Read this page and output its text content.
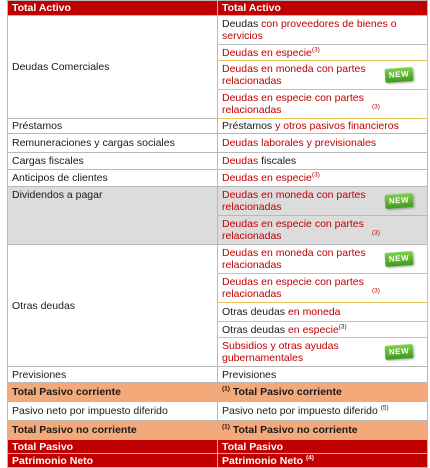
Total Activo	Total Activo
Deudas Comerciales	Deudas con proveedores de bienes o servicios
	Deudas en especie$^{(3)}$
	Deudas en moneda con partes relacionadas
NEW

	Deudas en especie con partes relacionadas $^{(3)}$
Préstamos	Préstamos y otros pasivos financieros
Remuneraciones y cargas sociales	Deudas laborales y previsionales
Cargas fiscales	Deudas fiscales
Anticipos de clientes	Deudas en especie$^{(3)}$
Dividendos a pagar	Deudas en moneda con partes relacionadas
NEW

	Deudas en especie con partes relacionadas $^{(3)}$
Otras deudas	Deudas en moneda con partes relacionadas
NEW

	Deudas en especie con partes relacionadas $^{(3)}$
	Otras deudas en moneda
	Otras deudas en especie$^{(3)}$
	Subsidios y otras ayudas gubernamentales
NEW

Previsiones	Previsiones
Total Pasivo corriente	$^{(1)}$ Total Pasivo corriente
Pasivo neto por impuesto diferido	Pasivo neto por impuesto diferido $^{(5)}$
Total Pasivo no corriente	$^{(1)}$ Total Pasivo no corriente
Total Pasivo	Total Pasivo
Patrimonio Neto	Patrimonio Neto $^{(4)}$
